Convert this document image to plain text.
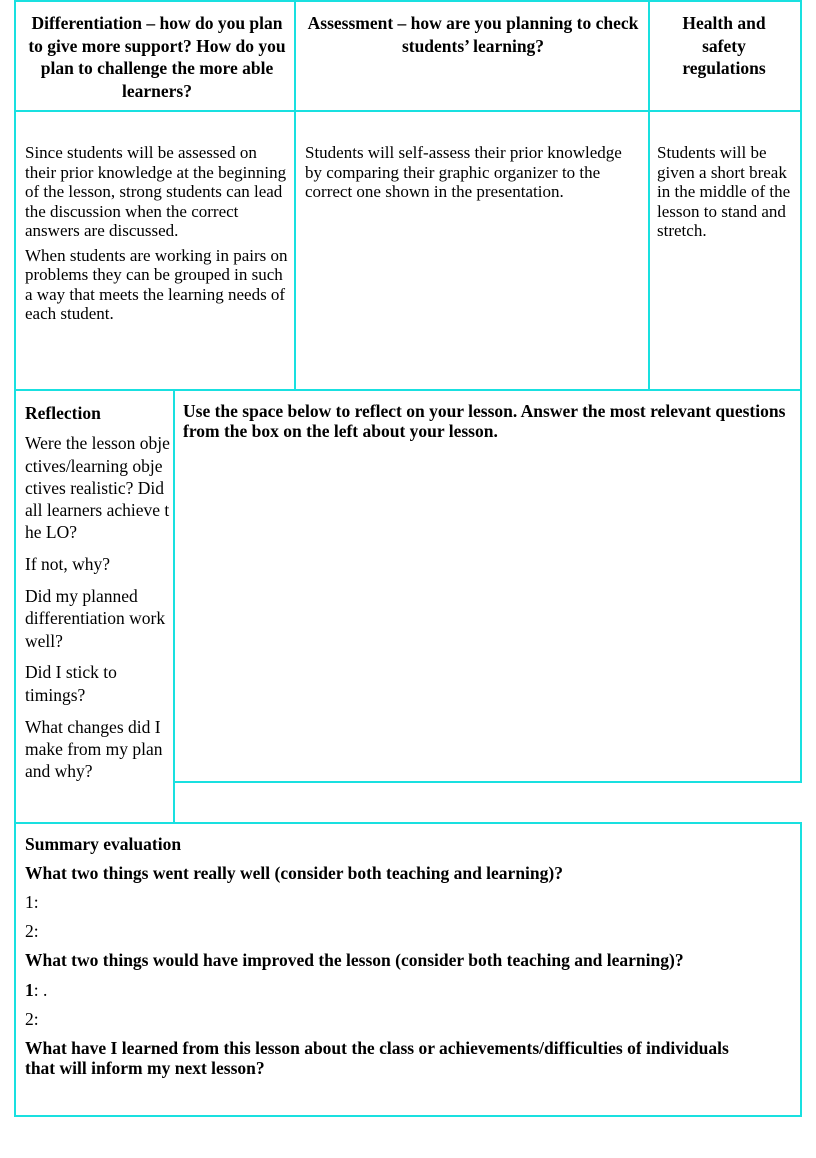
Differentiation – how do you plan to give more support? How do you plan to challenge the more able learners?
Assessment – how are you planning to check students’ learning?
Health and safety regulations

Since students will be assessed on their prior knowledge at the beginning of the lesson, strong students can lead the discussion when the correct answers are discussed.

When students are working in pairs on problems they can be grouped in such a way that meets the learning needs of each student.

Students will self-assess their prior knowledge by comparing their graphic organizer to the correct one shown in the presentation.

Students will be given a short break in the middle of the lesson to stand and stretch.

Reflection

Were the lesson objectives/learning objectives realistic? Did all learners achieve the LO?

If not, why?

Did my planned differentiation work well?

Did I stick to timings?

What changes did I make from my plan and why?

Use the space below to reflect on your lesson. Answer the most relevant questions from the box on the left about your lesson.
Summary evaluation
What two things went really well (consider both teaching and learning)?
1:
2:
What two things would have improved the lesson (consider both teaching and learning)?
1: .
2:
What have I learned from this lesson about the class or achievements/difficulties of individuals that will inform my next lesson?
